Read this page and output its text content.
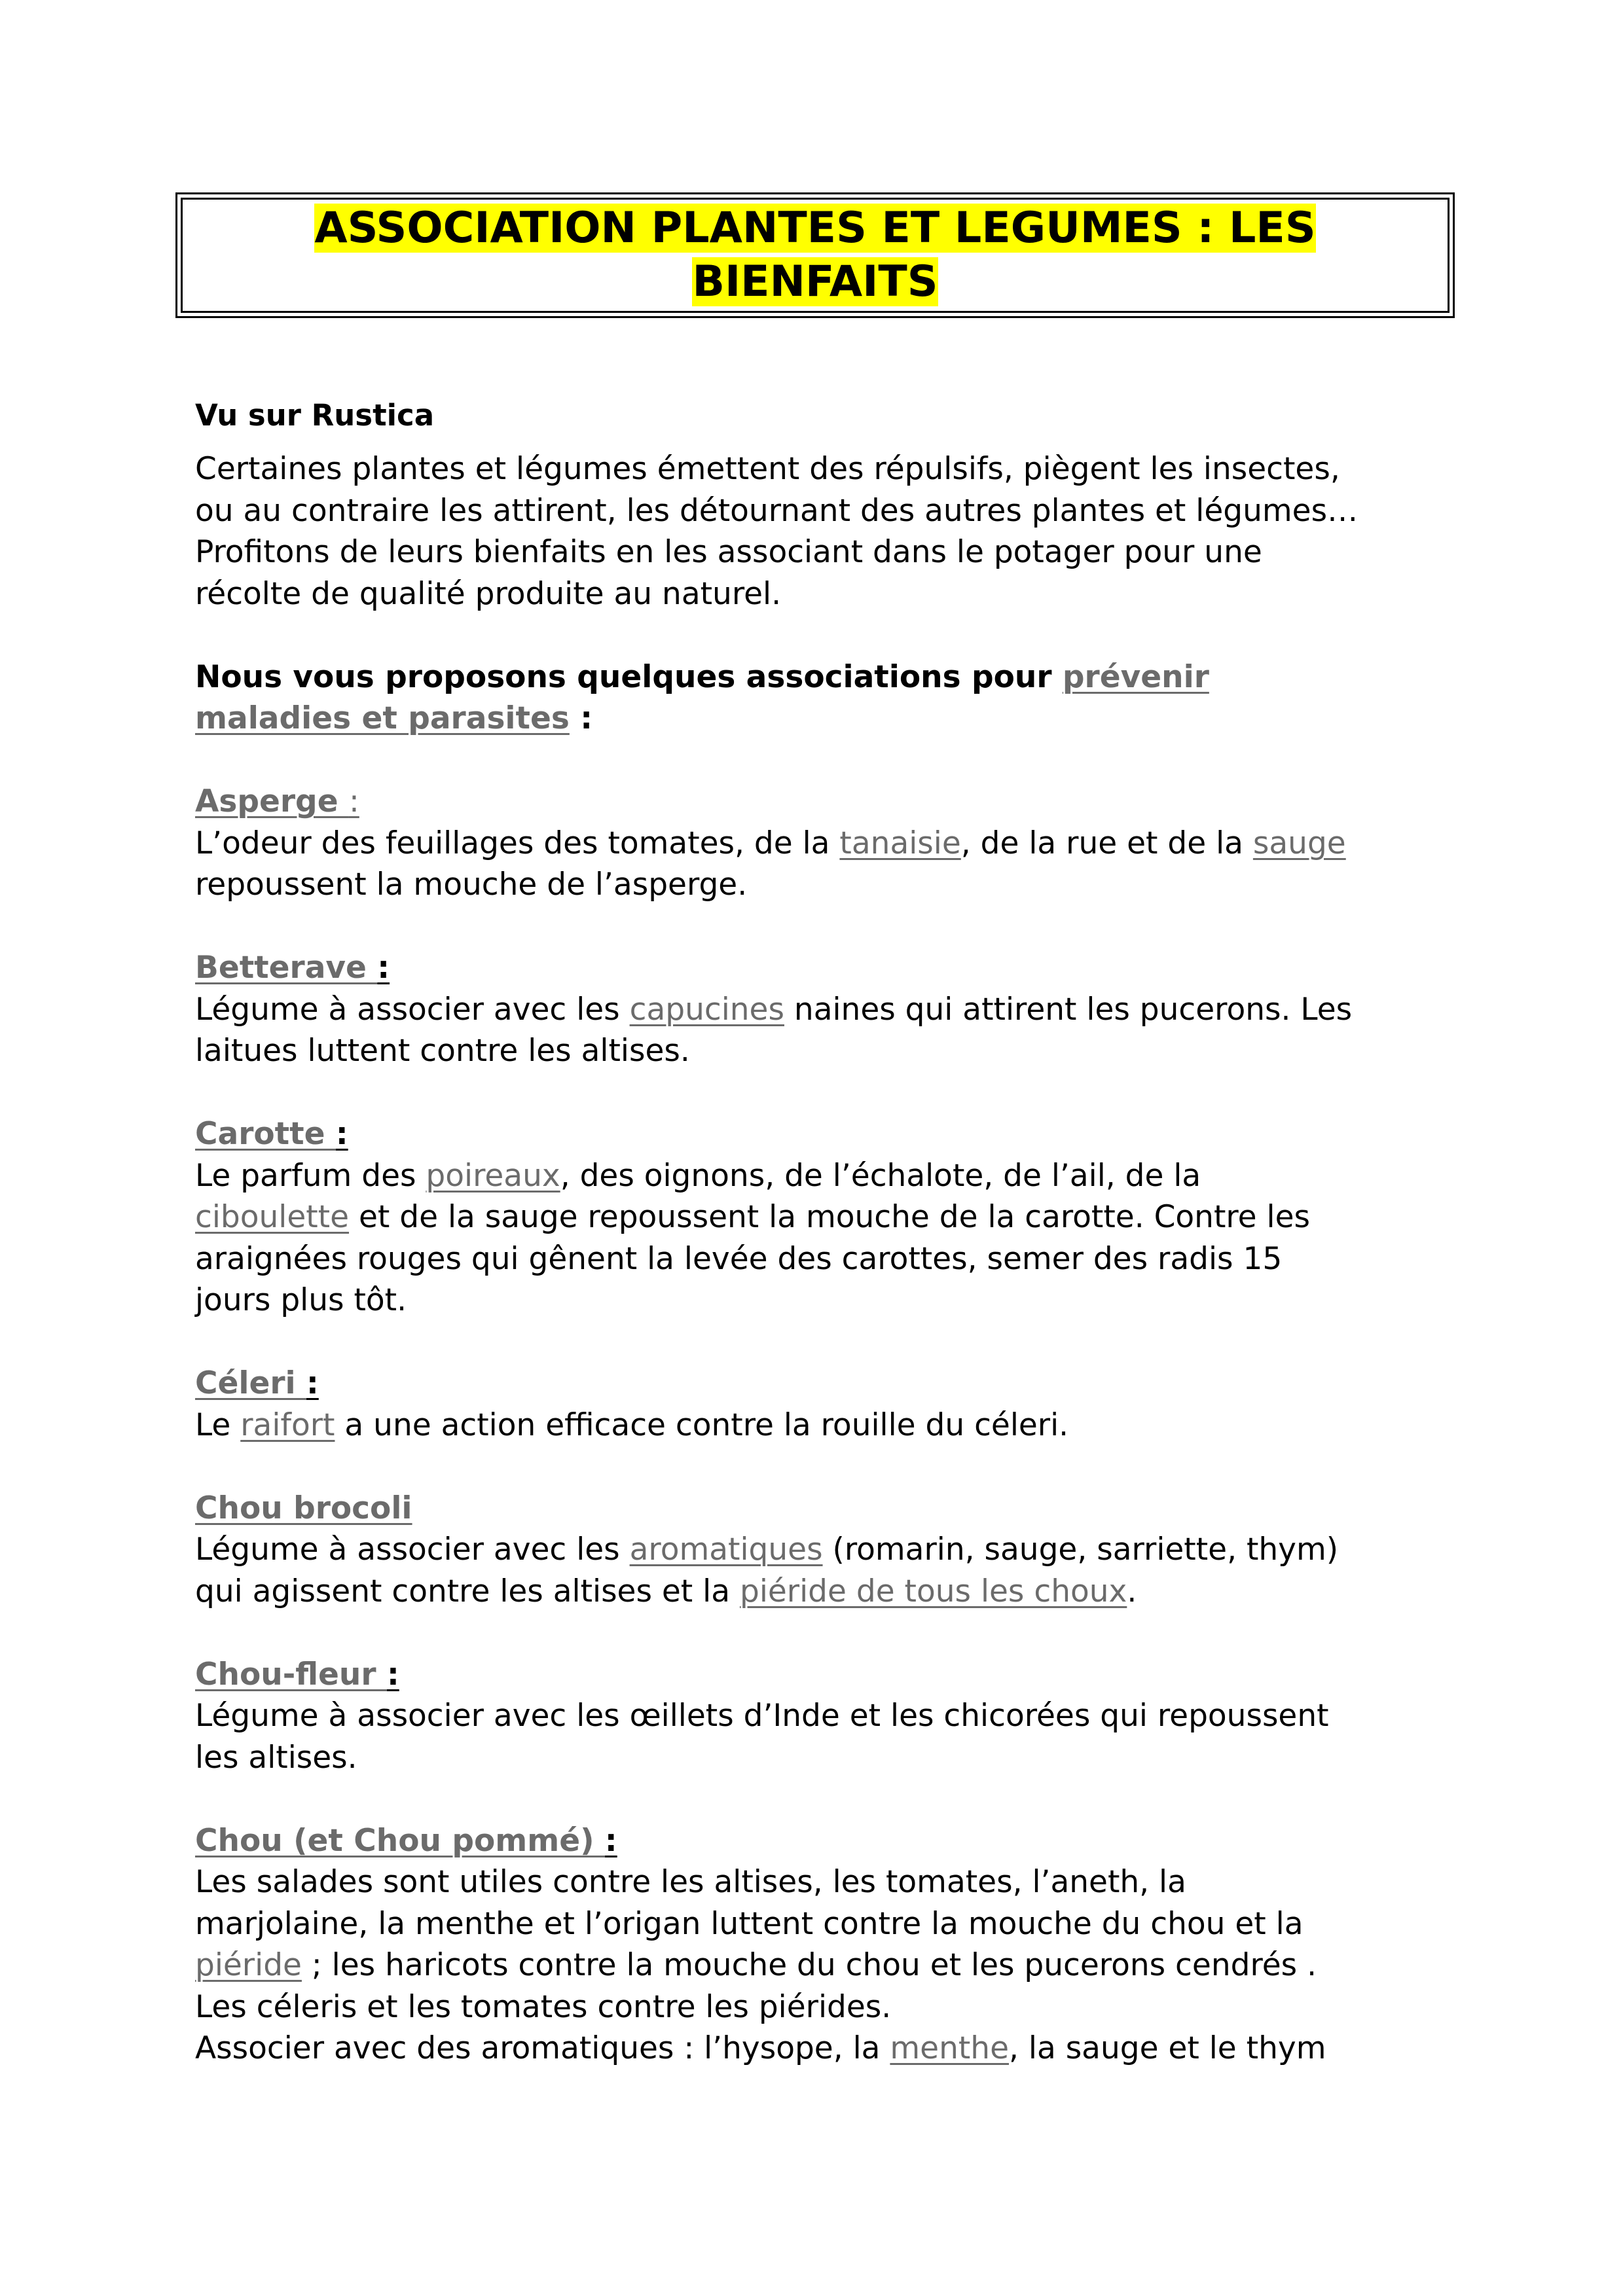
ASSOCIATION PLANTES ET LEGUMES : LES
BIENFAITS

Vu sur Rustica

Certaines plantes et légumes émettent des répulsifs, piègent les insectes,
ou au contraire les attirent, les détournant des autres plantes et légumes…
Profitons de leurs bienfaits en les associant dans le potager pour une
récolte de qualité produite au naturel.

Nous vous proposons quelques associations pour prévenir
maladies et parasites :

Asperge :
L’odeur des feuillages des tomates, de la tanaisie, de la rue et de la sauge
repoussent la mouche de l’asperge.

Betterave :
Légume à associer avec les capucines naines qui attirent les pucerons. Les
laitues luttent contre les altises.

Carotte :
Le parfum des poireaux, des oignons, de l’échalote, de l’ail, de la
ciboulette et de la sauge repoussent la mouche de la carotte. Contre les
araignées rouges qui gênent la levée des carottes, semer des radis 15
jours plus tôt.

Céleri :
Le raifort a une action efficace contre la rouille du céleri.

Chou brocoli
Légume à associer avec les aromatiques (romarin, sauge, sarriette, thym)
qui agissent contre les altises et la piéride de tous les choux.

Chou-fleur :
Légume à associer avec les œillets d’Inde et les chicorées qui repoussent
les altises.

Chou (et Chou pommé) :
Les salades sont utiles contre les altises, les tomates, l’aneth, la
marjolaine, la menthe et l’origan luttent contre la mouche du chou et la
piéride ; les haricots contre la mouche du chou et les pucerons cendrés .
Les céleris et les tomates contre les piérides.
Associer avec des aromatiques : l’hysope, la menthe, la sauge et le thym
